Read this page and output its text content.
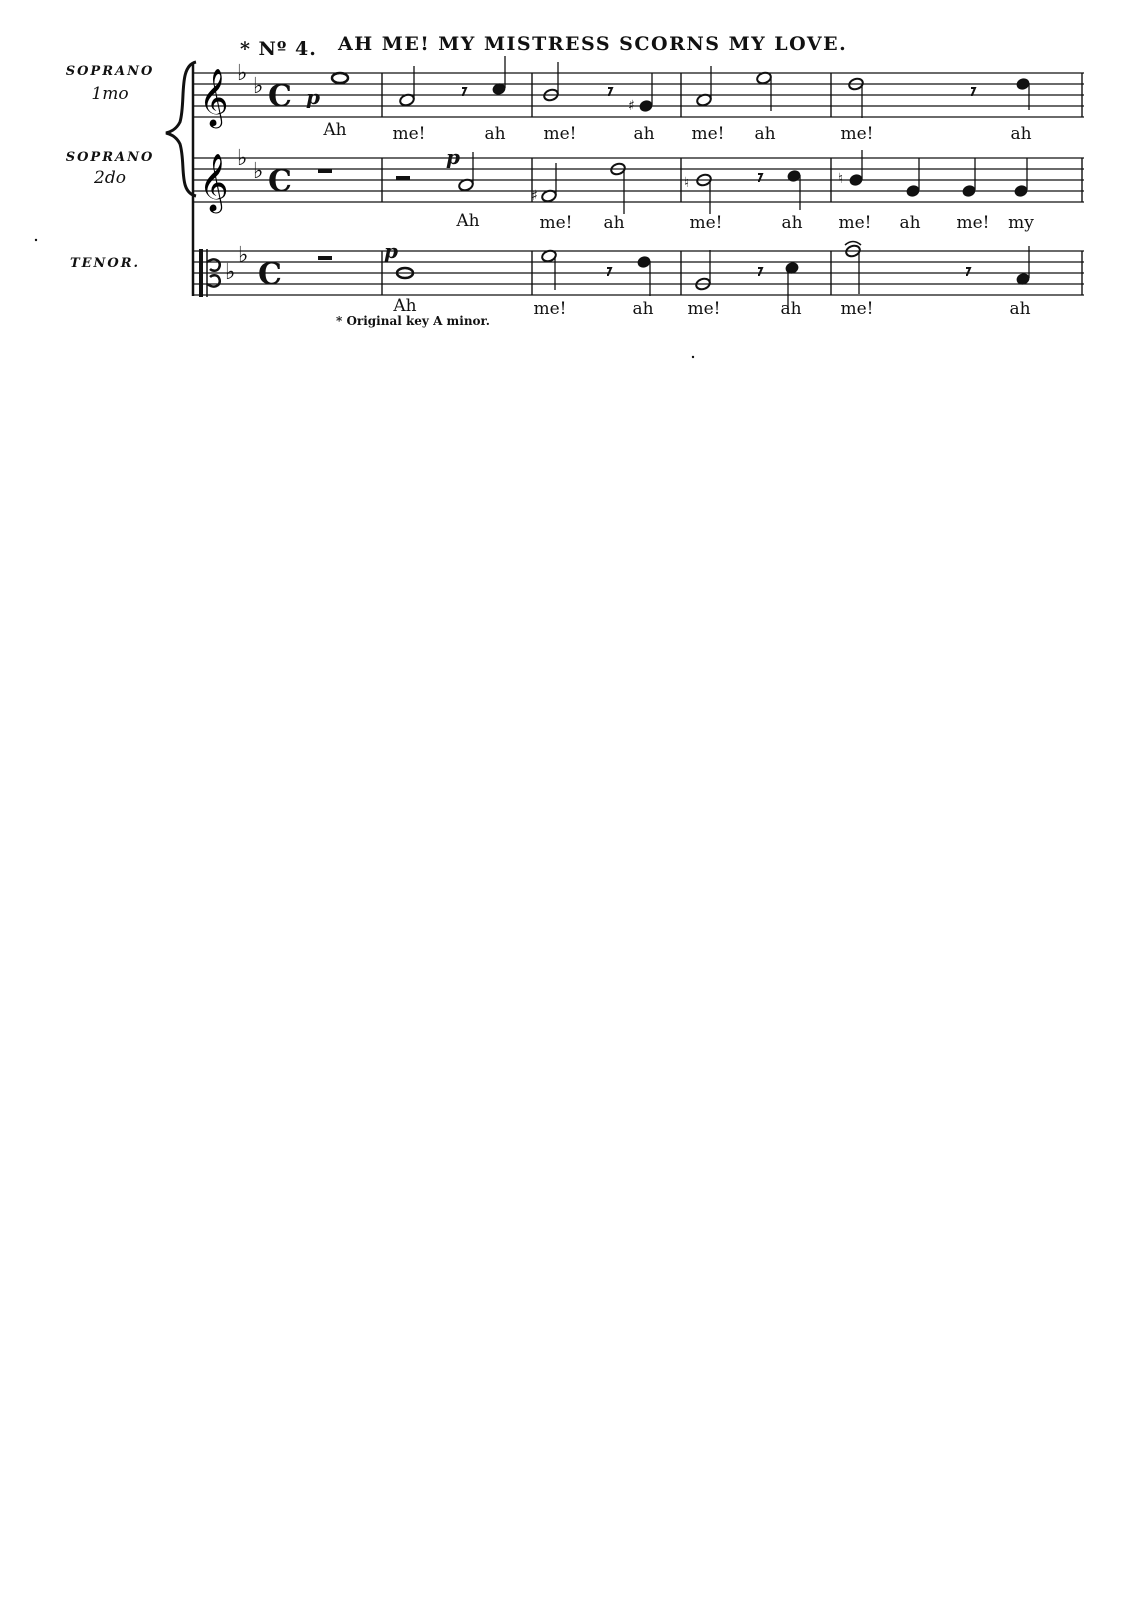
* Nº 4. AH ME! MY MISTRESS SCORNS MY LOVE.
SOPRANO
1mo
SOPRANO
2do
TENOR.
𝄞
𝄞
♭
♭
♭
♭
♭
♭
C
C
C
p
p
p
♯
♯
♮	♮
Ah	me!	ah me!	ah me! ah	me!	ah
Ah	me! ah	me!	ah me! ah me! my
Ah	me!	ah me!	ah me!	ah
* Original key A minor.
